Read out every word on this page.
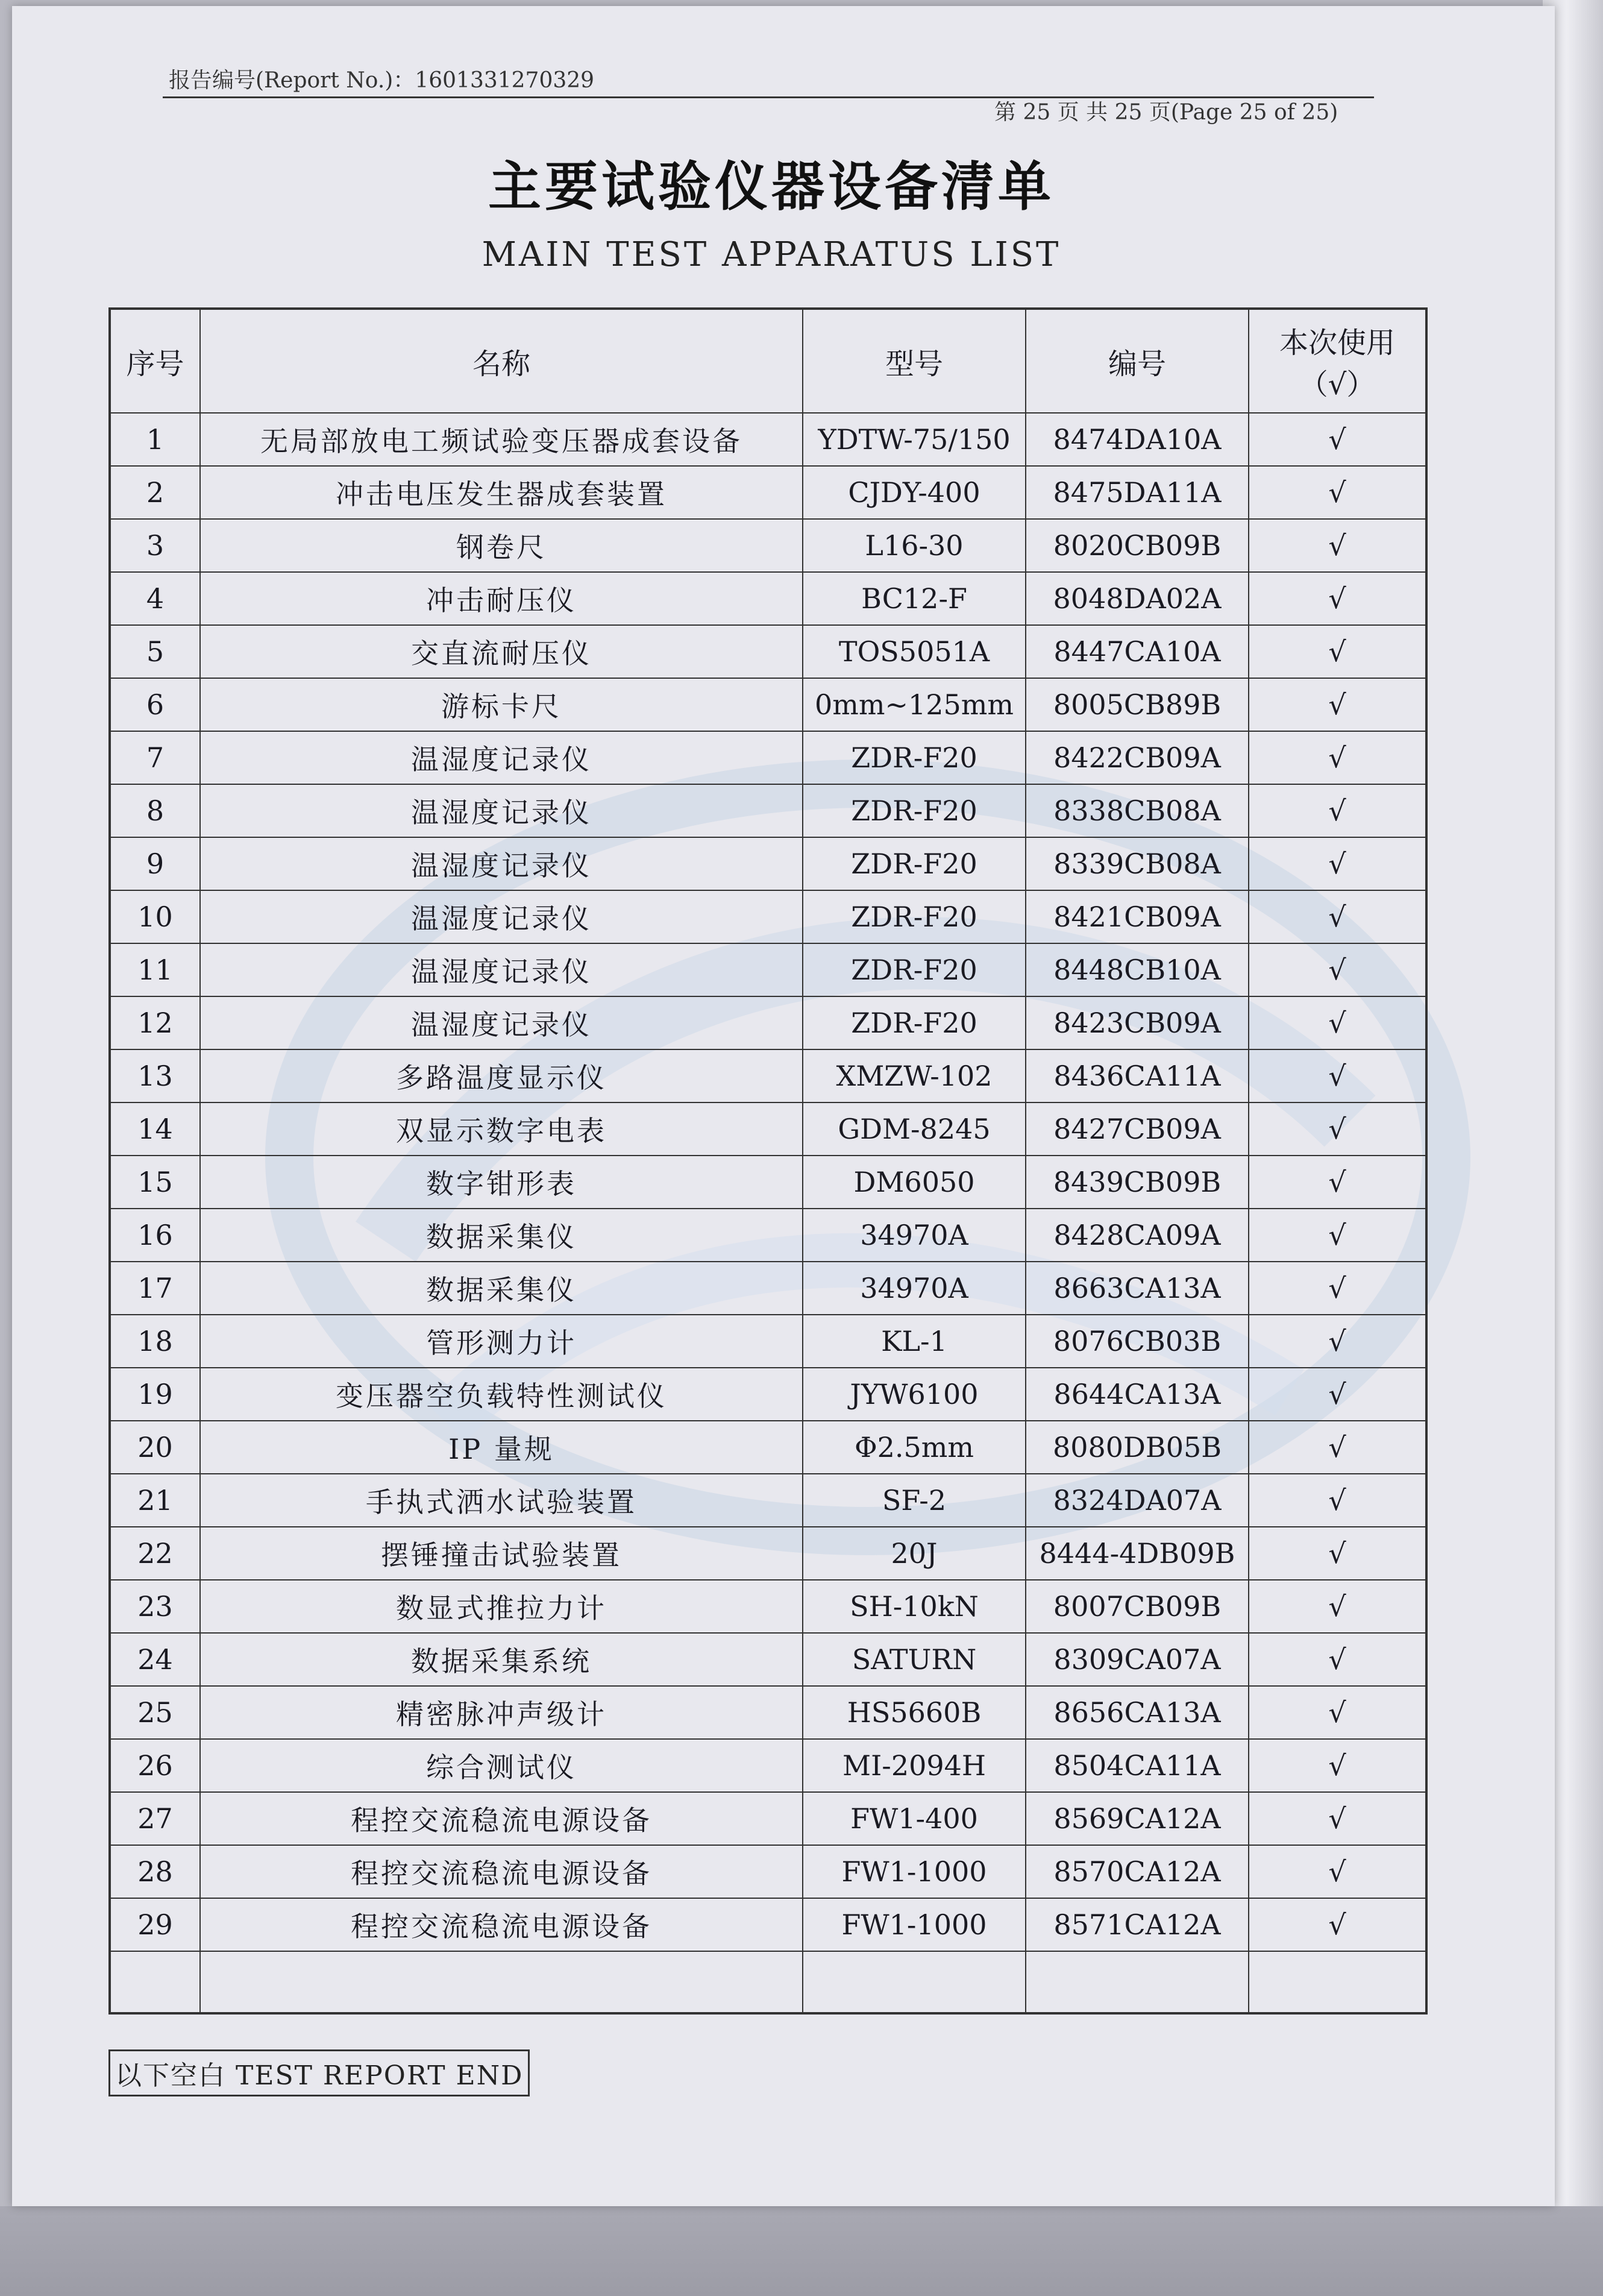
报告编号(Report No.)：1601331270329
第 25 页 共 25 页(Page 25 of 25)
主要试验仪器设备清单
MAIN TEST APPARATUS LIST
序号	名称	型号	编号	本次使用
（√）
1	无局部放电工频试验变压器成套设备	YDTW-75/150	8474DA10A	√
2	冲击电压发生器成套装置	CJDY-400	8475DA11A	√
3	钢卷尺	L16-30	8020CB09B	√
4	冲击耐压仪	BC12-F	8048DA02A	√
5	交直流耐压仪	TOS5051A	8447CA10A	√
6	游标卡尺	0mm~125mm	8005CB89B	√
7	温湿度记录仪	ZDR-F20	8422CB09A	√
8	温湿度记录仪	ZDR-F20	8338CB08A	√
9	温湿度记录仪	ZDR-F20	8339CB08A	√
10	温湿度记录仪	ZDR-F20	8421CB09A	√
11	温湿度记录仪	ZDR-F20	8448CB10A	√
12	温湿度记录仪	ZDR-F20	8423CB09A	√
13	多路温度显示仪	XMZW-102	8436CA11A	√
14	双显示数字电表	GDM-8245	8427CB09A	√
15	数字钳形表	DM6050	8439CB09B	√
16	数据采集仪	34970A	8428CA09A	√
17	数据采集仪	34970A	8663CA13A	√
18	管形测力计	KL-1	8076CB03B	√
19	变压器空负载特性测试仪	JYW6100	8644CA13A	√
20	IP 量规	Φ2.5mm	8080DB05B	√
21	手执式洒水试验装置	SF-2	8324DA07A	√
22	摆锤撞击试验装置	20J	8444-4DB09B	√
23	数显式推拉力计	SH-10kN	8007CB09B	√
24	数据采集系统	SATURN	8309CA07A	√
25	精密脉冲声级计	HS5660B	8656CA13A	√
26	综合测试仪	MI-2094H	8504CA11A	√
27	程控交流稳流电源设备	FW1-400	8569CA12A	√
28	程控交流稳流电源设备	FW1-1000	8570CA12A	√
29	程控交流稳流电源设备	FW1-1000	8571CA12A	√

以下空白 TEST REPORT END
